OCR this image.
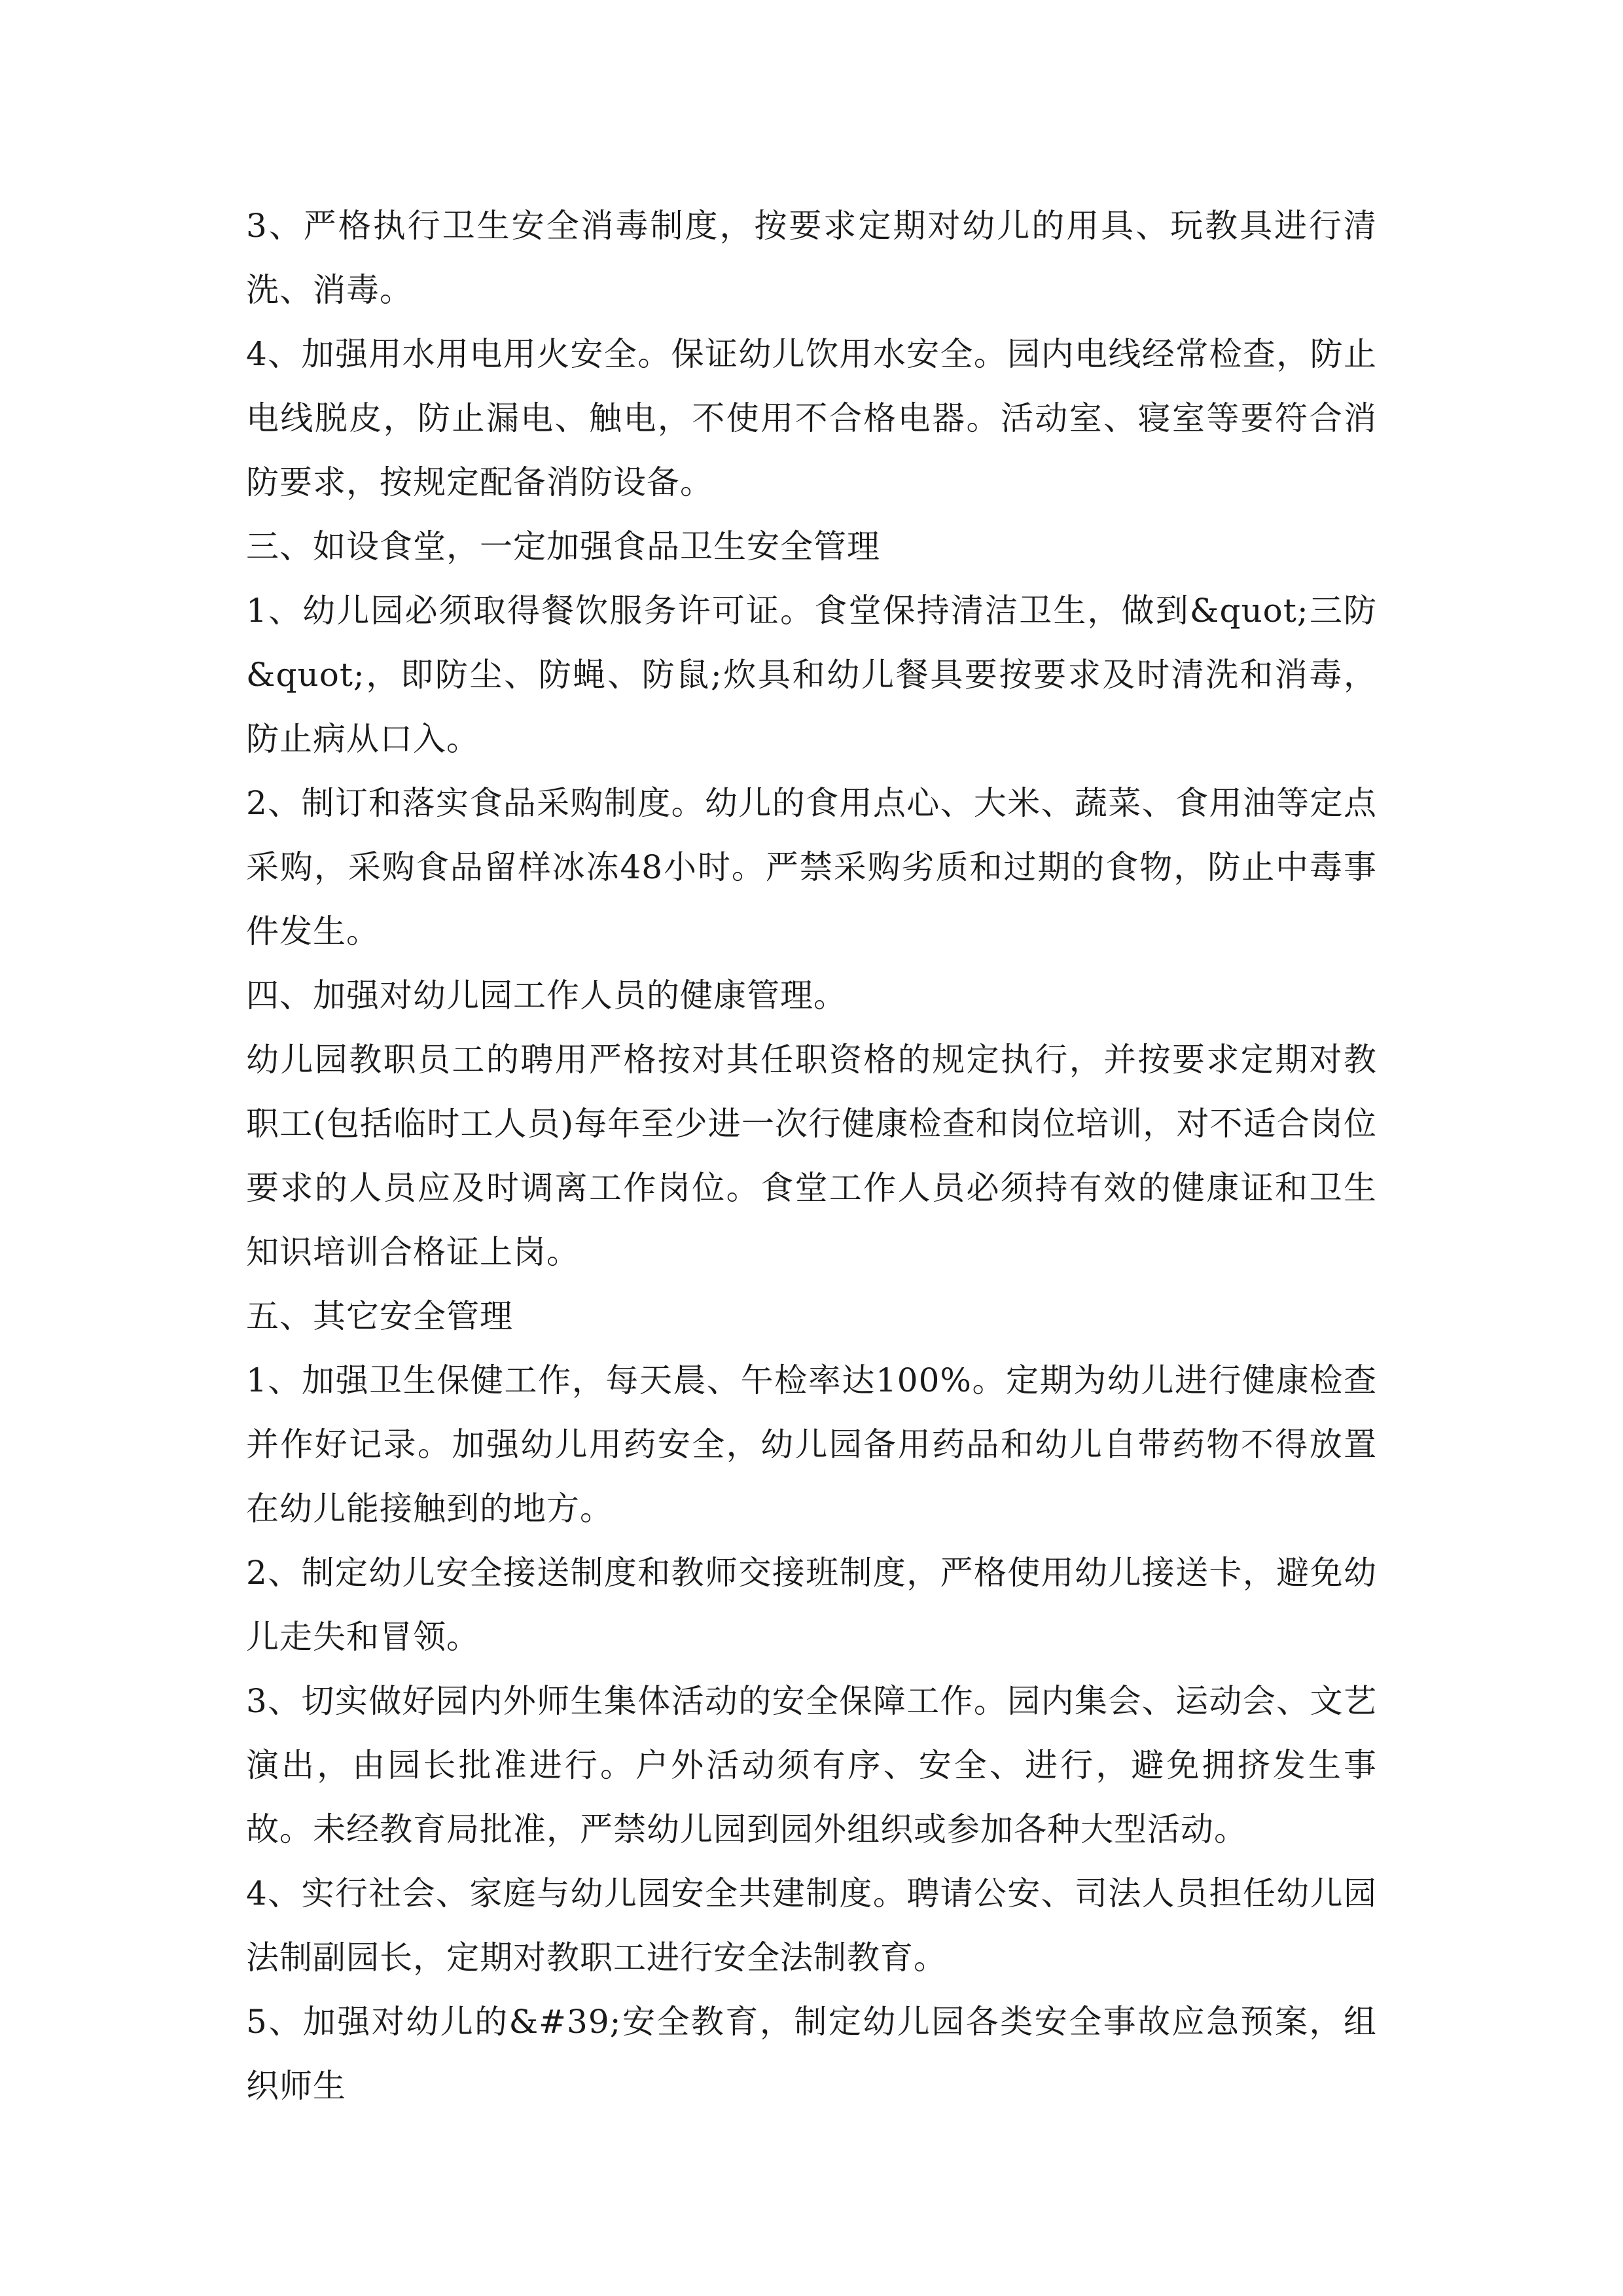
3、严格执行卫生安全消毒制度，按要求定期对幼儿的用具、玩教具进行清洗、消毒。

4、加强用水用电用火安全。保证幼儿饮用水安全。园内电线经常检查，防止电线脱皮，防止漏电、触电，不使用不合格电器。活动室、寝室等要符合消防要求，按规定配备消防设备。

三、如设食堂，一定加强食品卫生安全管理

1、幼儿园必须取得餐饮服务许可证。食堂保持清洁卫生，做到&quot;三防&quot;，即防尘、防蝇、防鼠;炊具和幼儿餐具要按要求及时清洗和消毒，防止病从口入。

2、制订和落实食品采购制度。幼儿的食用点心、大米、蔬菜、食用油等定点采购，采购食品留样冰冻48小时。严禁采购劣质和过期的食物，防止中毒事件发生。

四、加强对幼儿园工作人员的健康管理。

幼儿园教职员工的聘用严格按对其任职资格的规定执行，并按要求定期对教职工(包括临时工人员)每年至少进一次行健康检查和岗位培训，对不适合岗位要求的人员应及时调离工作岗位。食堂工作人员必须持有效的健康证和卫生知识培训合格证上岗。

五、其它安全管理

1、加强卫生保健工作，每天晨、午检率达100%。定期为幼儿进行健康检查并作好记录。加强幼儿用药安全，幼儿园备用药品和幼儿自带药物不得放置在幼儿能接触到的地方。

2、制定幼儿安全接送制度和教师交接班制度，严格使用幼儿接送卡，避免幼儿走失和冒领。

3、切实做好园内外师生集体活动的安全保障工作。园内集会、运动会、文艺演出，由园长批准进行。户外活动须有序、安全、进行，避免拥挤发生事故。未经教育局批准，严禁幼儿园到园外组织或参加各种大型活动。

4、实行社会、家庭与幼儿园安全共建制度。聘请公安、司法人员担任幼儿园法制副园长，定期对教职工进行安全法制教育。

5、加强对幼儿的&#39;安全教育，制定幼儿园各类安全事故应急预案，组织师生
